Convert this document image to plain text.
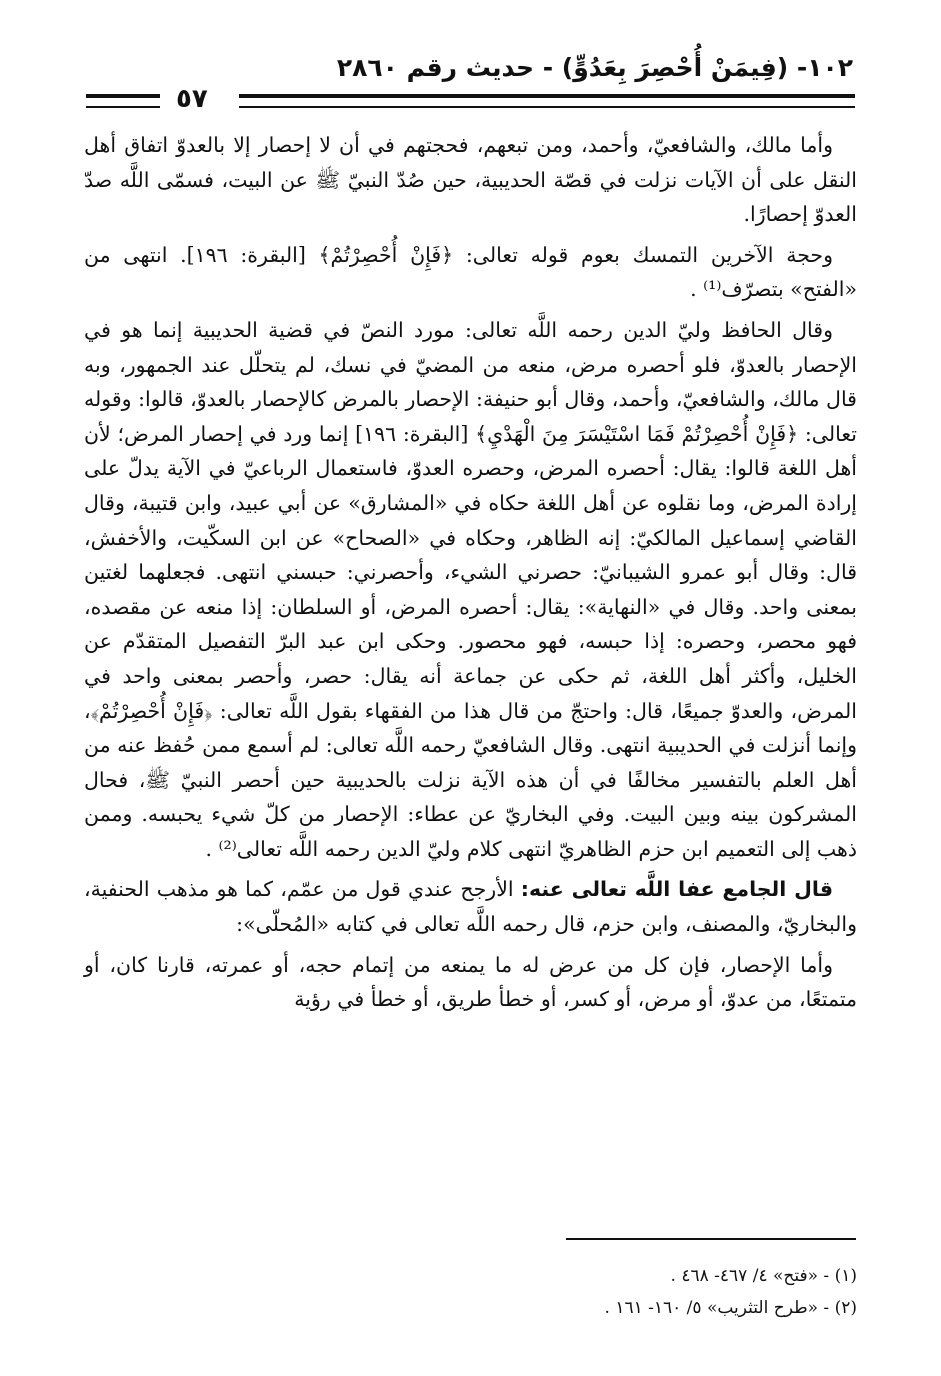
١٠٢- (فِيمَنْ أُحْصِرَ بِعَدُوٍّ) - حديث رقم ٢٨٦٠
٥٧

وأما مالك، والشافعيّ، وأحمد، ومن تبعهم، فحجتهم في أن لا إحصار إلا بالعدوّ اتفاق أهل النقل على أن الآيات نزلت في قصّة الحديبية، حين صُدّ النبيّ ﷺ عن البيت، فسمّى اللَّه صدّ العدوّ إحصارًا.

وحجة الآخرين التمسك بعوم قوله تعالى: ﴿فَإِنْ أُحْصِرْتُمْ﴾ [البقرة: ١٩٦]. انتهى من «الفتح» بتصرّف⁽¹⁾ .

وقال الحافظ وليّ الدين رحمه اللَّه تعالى: مورد النصّ في قضية الحديبية إنما هو في الإحصار بالعدوّ، فلو أحصره مرض، منعه من المضيّ في نسك، لم يتحلّل عند الجمهور، وبه قال مالك، والشافعيّ، وأحمد، وقال أبو حنيفة: الإحصار بالمرض كالإحصار بالعدوّ، قالوا: وقوله تعالى: ﴿فَإِنْ أُحْصِرْتُمْ فَمَا اسْتَيْسَرَ مِنَ الْهَدْيِ﴾ [البقرة: ١٩٦] إنما ورد في إحصار المرض؛ لأن أهل اللغة قالوا: يقال: أحصره المرض، وحصره العدوّ، فاستعمال الرباعيّ في الآية يدلّ على إرادة المرض، وما نقلوه عن أهل اللغة حكاه في «المشارق» عن أبي عبيد، وابن قتيبة، وقال القاضي إسماعيل المالكيّ: إنه الظاهر، وحكاه في «الصحاح» عن ابن السكّيت، والأخفش، قال: وقال أبو عمرو الشيبانيّ: حصرني الشيء، وأحصرني: حبسني انتهى. فجعلهما لغتين بمعنى واحد. وقال في «النهاية»: يقال: أحصره المرض، أو السلطان: إذا منعه عن مقصده، فهو محصر، وحصره: إذا حبسه، فهو محصور. وحكى ابن عبد البرّ التفصيل المتقدّم عن الخليل، وأكثر أهل اللغة، ثم حكى عن جماعة أنه يقال: حصر، وأحصر بمعنى واحد في المرض، والعدوّ جميعًا، قال: واحتجّ من قال هذا من الفقهاء بقول اللَّه تعالى: ﴿فَإِنْ أُحْصِرْتُمْ﴾، وإنما أنزلت في الحديبية انتهى. وقال الشافعيّ رحمه اللَّه تعالى: لم أسمع ممن حُفظ عنه من أهل العلم بالتفسير مخالفًا في أن هذه الآية نزلت بالحديبية حين أحصر النبيّ ﷺ، فحال المشركون بينه وبين البيت. وفي البخاريّ عن عطاء: الإحصار من كلّ شيء يحبسه. وممن ذهب إلى التعميم ابن حزم الظاهريّ انتهى كلام وليّ الدين رحمه اللَّه تعالى⁽²⁾ .

قال الجامع عفا اللَّه تعالى عنه: الأرجح عندي قول من عمّم، كما هو مذهب الحنفية، والبخاريّ، والمصنف، وابن حزم، قال رحمه اللَّه تعالى في كتابه «المُحلّى»:

وأما الإحصار، فإن كل من عرض له ما يمنعه من إتمام حجه، أو عمرته، قارنا كان، أو متمتعًا، من عدوّ، أو مرض، أو كسر، أو خطأ طريق، أو خطأ في رؤية

(١) - «فتح» ٤/ ٤٦٧- ٤٦٨ .
(٢) - «طرح التثريب» ٥/ ١٦٠- ١٦١ .
